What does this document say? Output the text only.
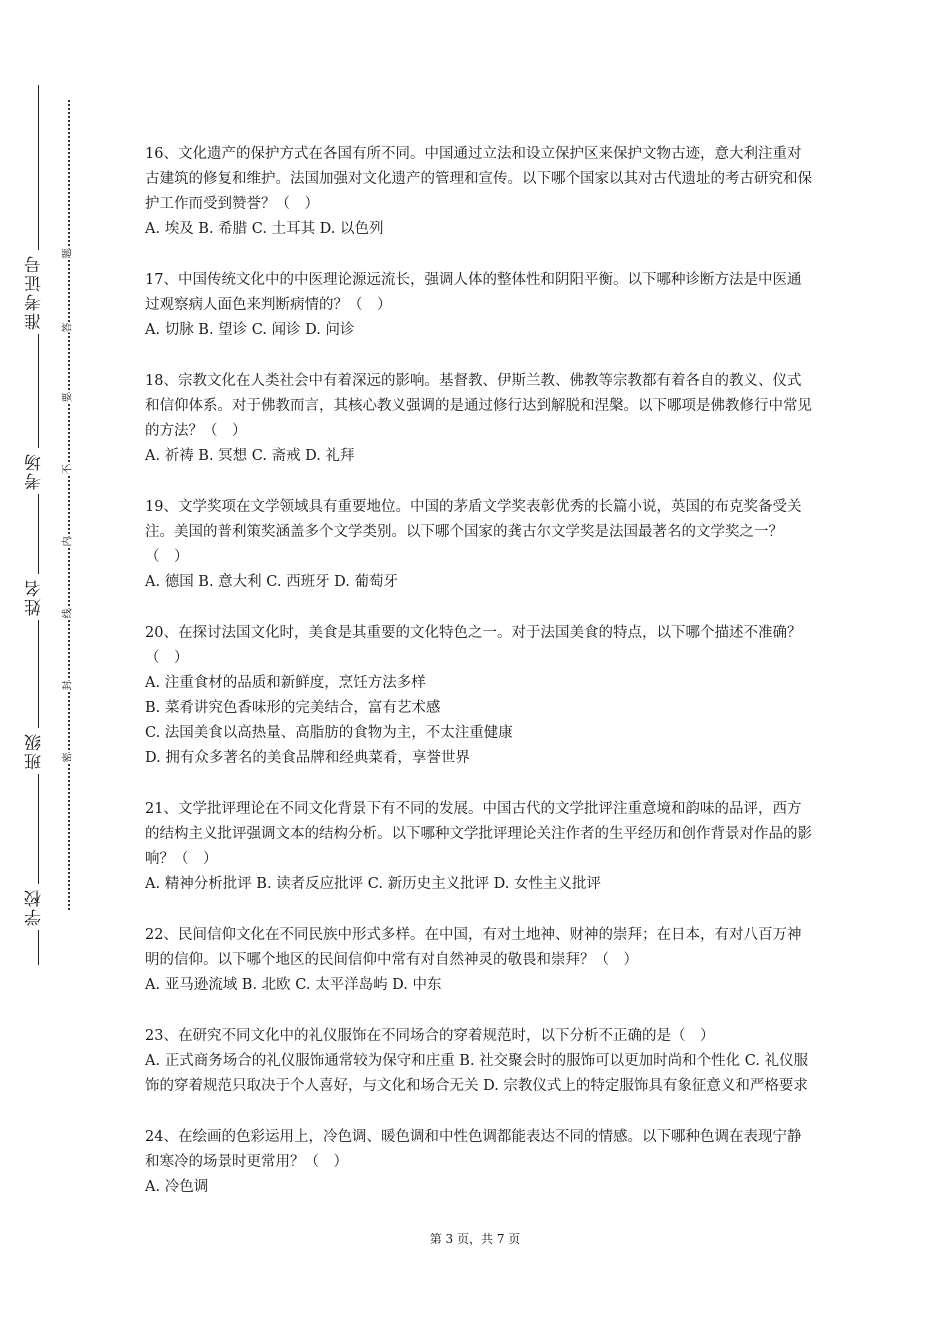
准考证号
考场
姓名
班级
学校
题
答
要
不
内
线
封
密

16、文化遗产的保护方式在各国有所不同。中国通过立法和设立保护区来保护文物古迹，意大利注重对古建筑的修复和维护。法国加强对文化遗产的管理和宣传。以下哪个国家以其对古代遗址的考古研究和保护工作而受到赞誉？（　）

A. 埃及 B. 希腊 C. 土耳其 D. 以色列

17、中国传统文化中的中医理论源远流长，强调人体的整体性和阴阳平衡。以下哪种诊断方法是中医通过观察病人面色来判断病情的？（　）

A. 切脉 B. 望诊 C. 闻诊 D. 问诊

18、宗教文化在人类社会中有着深远的影响。基督教、伊斯兰教、佛教等宗教都有着各自的教义、仪式和信仰体系。对于佛教而言，其核心教义强调的是通过修行达到解脱和涅槃。以下哪项是佛教修行中常见的方法？（　）

A. 祈祷 B. 冥想 C. 斋戒 D. 礼拜

19、文学奖项在文学领域具有重要地位。中国的茅盾文学奖表彰优秀的长篇小说，英国的布克奖备受关注。美国的普利策奖涵盖多个文学类别。以下哪个国家的龚古尔文学奖是法国最著名的文学奖之一？（　）

A. 德国 B. 意大利 C. 西班牙 D. 葡萄牙

20、在探讨法国文化时，美食是其重要的文化特色之一。对于法国美食的特点，以下哪个描述不准确？（　）

A. 注重食材的品质和新鲜度，烹饪方法多样

B. 菜肴讲究色香味形的完美结合，富有艺术感

C. 法国美食以高热量、高脂肪的食物为主，不太注重健康

D. 拥有众多著名的美食品牌和经典菜肴，享誉世界

21、文学批评理论在不同文化背景下有不同的发展。中国古代的文学批评注重意境和韵味的品评，西方的结构主义批评强调文本的结构分析。以下哪种文学批评理论关注作者的生平经历和创作背景对作品的影响？（　）

A. 精神分析批评 B. 读者反应批评 C. 新历史主义批评 D. 女性主义批评

22、民间信仰文化在不同民族中形式多样。在中国，有对土地神、财神的崇拜；在日本，有对八百万神明的信仰。以下哪个地区的民间信仰中常有对自然神灵的敬畏和崇拜？（　）

A. 亚马逊流域 B. 北欧 C. 太平洋岛屿 D. 中东

23、在研究不同文化中的礼仪服饰在不同场合的穿着规范时，以下分析不正确的是（　）

A. 正式商务场合的礼仪服饰通常较为保守和庄重 B. 社交聚会时的服饰可以更加时尚和个性化 C. 礼仪服饰的穿着规范只取决于个人喜好，与文化和场合无关 D. 宗教仪式上的特定服饰具有象征意义和严格要求

24、在绘画的色彩运用上，冷色调、暖色调和中性色调都能表达不同的情感。以下哪种色调在表现宁静和寒冷的场景时更常用？（　）

A. 冷色调

第 3 页，共 7 页
